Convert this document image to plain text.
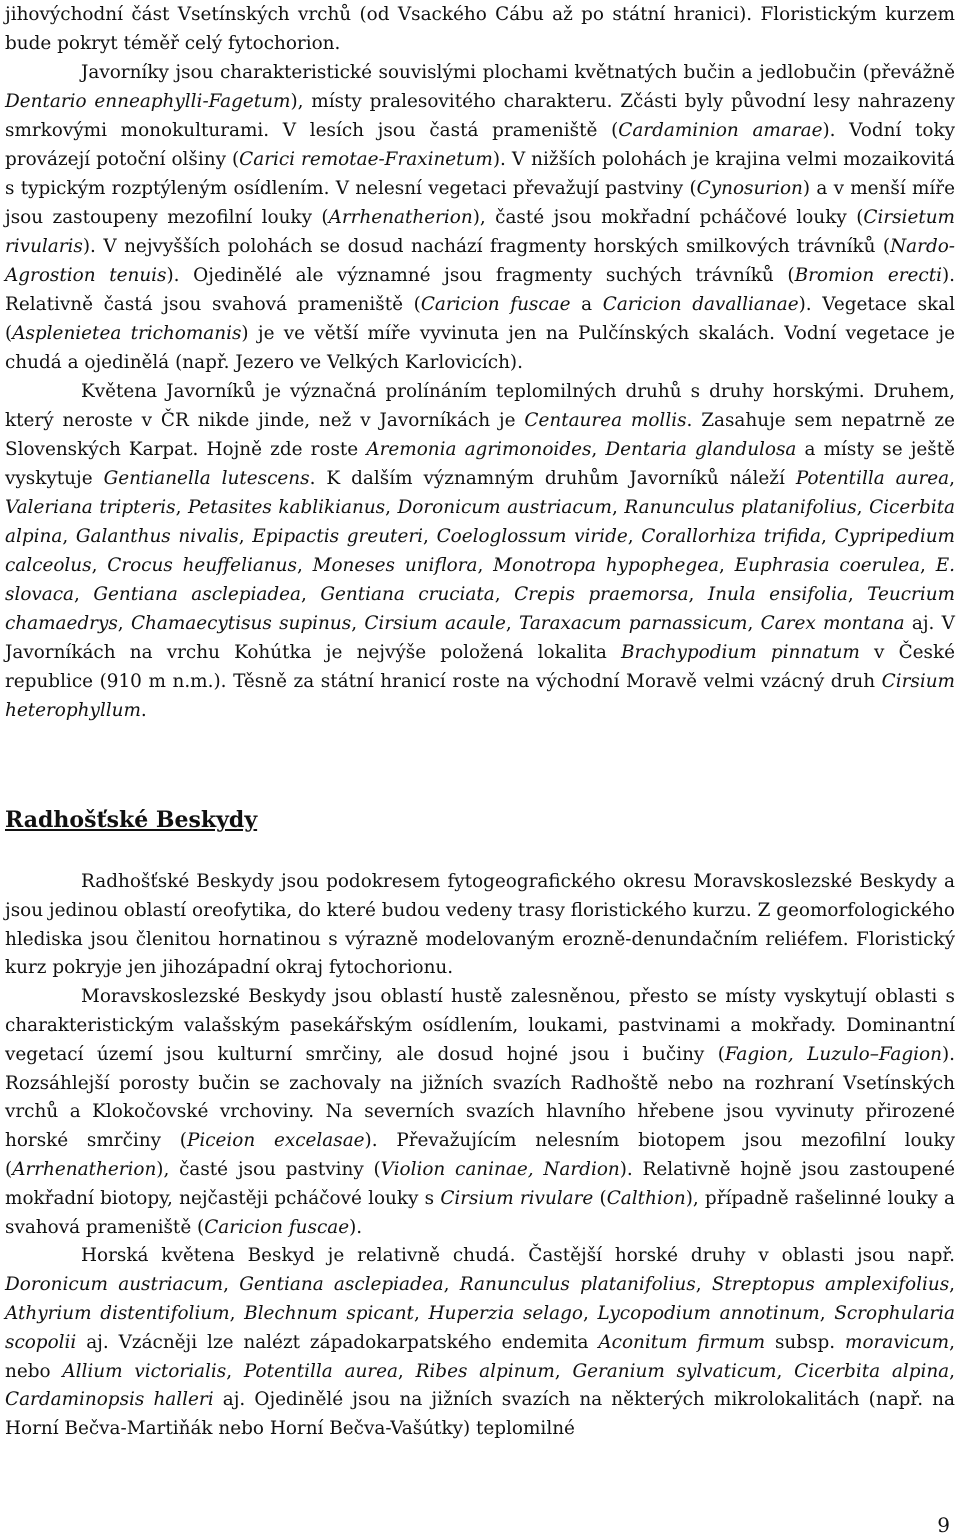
jihovýchodní část Vsetínských vrchů (od Vsackého Cábu až po státní hranici). Floristickým kurzem bude pokryt téměř celý fytochorion.

Javorníky jsou charakteristické souvislými plochami květnatých bučin a jedlobučin (převážně Dentario enneaphylli-Fagetum), místy pralesovitého charakteru. Zčásti byly původní lesy nahrazeny smrkovými monokulturami. V lesích jsou častá prameniště (Cardaminion amarae). Vodní toky provázejí potoční olšiny (Carici remotae-Fraxinetum). V nižších polohách je krajina velmi mozaikovitá s typickým rozptýleným osídlením. V nelesní vegetaci převažují pastviny (Cynosurion) a v menší míře jsou zastoupeny mezofilní louky (Arrhenatherion), časté jsou mokřadní pcháčové louky (Cirsietum rivularis). V nejvyšších polohách se dosud nachází fragmenty horských smilkových trávníků (Nardo-Agrostion tenuis). Ojedinělé ale významné jsou fragmenty suchých trávníků (Bromion erecti). Relativně častá jsou svahová prameniště (Caricion fuscae a Caricion davallianae). Vegetace skal (Asplenietea trichomanis) je ve větší míře vyvinuta jen na Pulčínských skalách. Vodní vegetace je chudá a ojedinělá (např. Jezero ve Velkých Karlovicích).

Květena Javorníků je význačná prolínáním teplomilných druhů s druhy horskými. Druhem, který neroste v ČR nikde jinde, než v Javorníkách je Centaurea mollis. Zasahuje sem nepatrně ze Slovenských Karpat. Hojně zde roste Aremonia agrimonoides, Dentaria glandulosa a místy se ještě vyskytuje Gentianella lutescens. K dalším významným druhům Javorníků náleží Potentilla aurea, Valeriana tripteris, Petasites kablikianus, Doronicum austriacum, Ranunculus platanifolius, Cicerbita alpina, Galanthus nivalis, Epipactis greuteri, Coeloglossum viride, Corallorhiza trifida, Cypripedium calceolus, Crocus heuffelianus, Moneses uniflora, Monotropa hypophegea, Euphrasia coerulea, E. slovaca, Gentiana asclepiadea, Gentiana cruciata, Crepis praemorsa, Inula ensifolia, Teucrium chamaedrys, Chamaecytisus supinus, Cirsium acaule, Taraxacum parnassicum, Carex montana aj. V Javorníkách na vrchu Kohútka je nejvýše položená lokalita Brachypodium pinnatum v České republice (910 m n.m.). Těsně za státní hranicí roste na východní Moravě velmi vzácný druh Cirsium heterophyllum.

Radhošťské Beskydy

Radhošťské Beskydy jsou podokresem fytogeografického okresu Moravskoslezské Beskydy a jsou jedinou oblastí oreofytika, do které budou vedeny trasy floristického kurzu. Z geomorfologického hlediska jsou členitou hornatinou s výrazně modelovaným erozně-denundačním reliéfem. Floristický kurz pokryje jen jihozápadní okraj fytochorionu.

Moravskoslezské Beskydy jsou oblastí hustě zalesněnou, přesto se místy vyskytují oblasti s charakteristickým valašským pasekářským osídlením, loukami, pastvinami a mokřady. Dominantní vegetací území jsou kulturní smrčiny, ale dosud hojné jsou i bučiny (Fagion, Luzulo–Fagion). Rozsáhlejší porosty bučin se zachovaly na jižních svazích Radhoště nebo na rozhraní Vsetínských vrchů a Klokočovské vrchoviny. Na severních svazích hlavního hřebene jsou vyvinuty přirozené horské smrčiny (Piceion excelasae). Převažujícím nelesním biotopem jsou mezofilní louky (Arrhenatherion), časté jsou pastviny (Violion caninae, Nardion). Relativně hojně jsou zastoupené mokřadní biotopy, nejčastěji pcháčové louky s Cirsium rivulare (Calthion), případně rašelinné louky a svahová prameniště (Caricion fuscae).

Horská květena Beskyd je relativně chudá. Častější horské druhy v oblasti jsou např. Doronicum austriacum, Gentiana asclepiadea, Ranunculus platanifolius, Streptopus amplexifolius, Athyrium distentifolium, Blechnum spicant, Huperzia selago, Lycopodium annotinum, Scrophularia scopolii aj. Vzácněji lze nalézt západokarpatského endemita Aconitum firmum subsp. moravicum, nebo Allium victorialis, Potentilla aurea, Ribes alpinum, Geranium sylvaticum, Cicerbita alpina, Cardaminopsis halleri aj. Ojedinělé jsou na jižních svazích na některých mikrolokalitách (např. na Horní Bečva-Martiňák nebo Horní Bečva-Vašútky) teplomilné

9
